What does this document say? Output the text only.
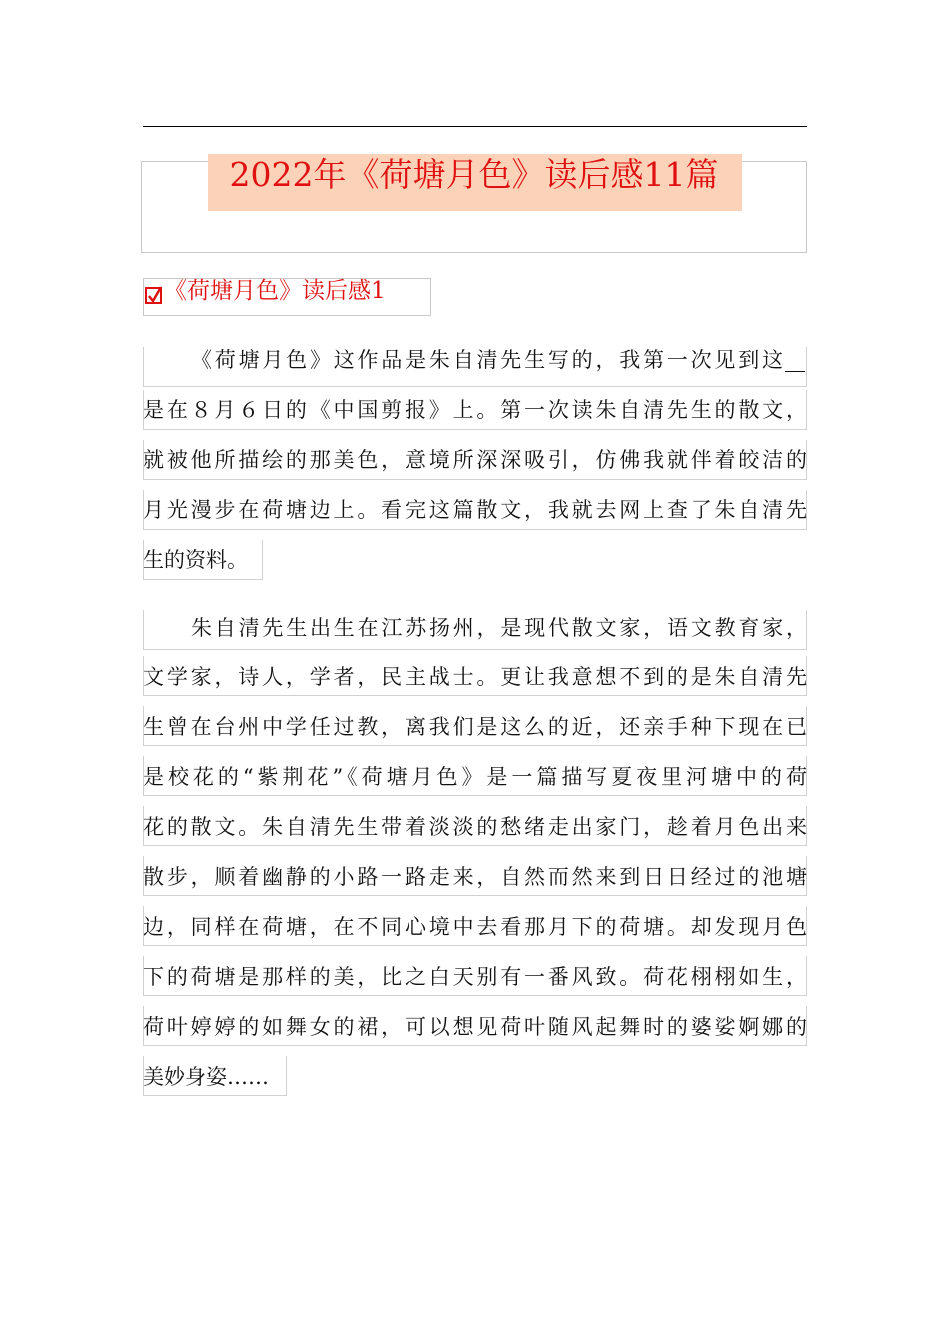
2022年《荷塘月色》读后感11篇
《荷塘月色》读后感1
《荷塘月色》这作品是朱自清先生写的，我第一次见到这
是在８月６日的《中国剪报》上。第一次读朱自清先生的散文，
就被他所描绘的那美色，意境所深深吸引，仿佛我就伴着皎洁的
月光漫步在荷塘边上。看完这篇散文，我就去网上查了朱自清先
生的资料。
朱自清先生出生在江苏扬州，是现代散文家，语文教育家，
文学家，诗人，学者，民主战士。更让我意想不到的是朱自清先
生曾在台州中学任过教，离我们是这么的近，还亲手种下现在已
是校花的“紫荆花”《荷塘月色》是一篇描写夏夜里河塘中的荷
花的散文。朱自清先生带着淡淡的愁绪走出家门，趁着月色出来
散步，顺着幽静的小路一路走来，自然而然来到日日经过的池塘
边，同样在荷塘，在不同心境中去看那月下的荷塘。却发现月色
下的荷塘是那样的美，比之白天别有一番风致。荷花栩栩如生，
荷叶婷婷的如舞女的裙，可以想见荷叶随风起舞时的婆娑婀娜的
美妙身姿……
